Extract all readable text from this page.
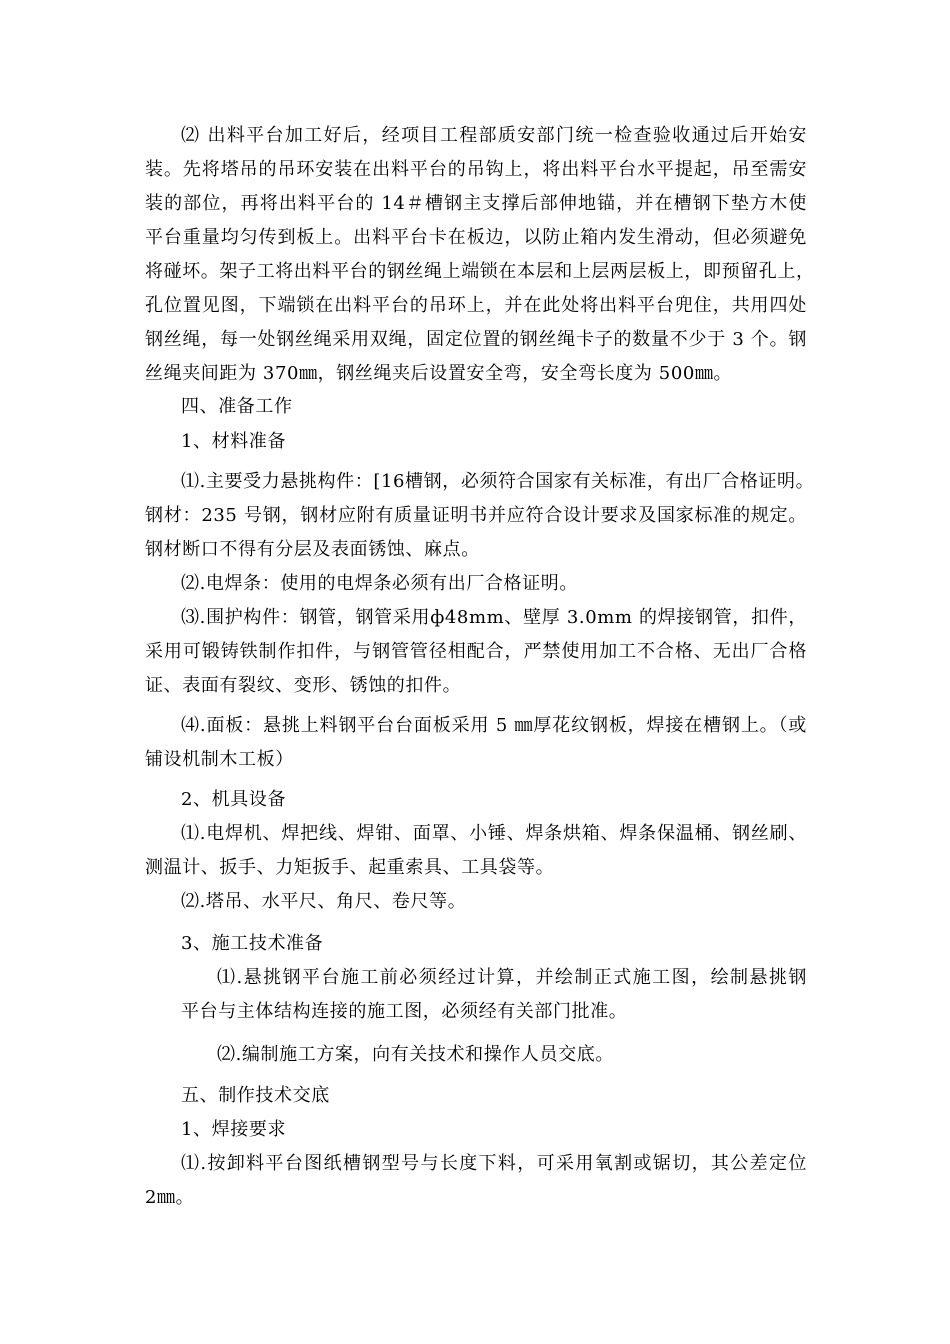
⑵ 出料平台加工好后，经项目工程部质安部门统一检查验收通过后开始安
装。先将塔吊的吊环安装在出料平台的吊钩上，将出料平台水平提起，吊至需安
装的部位，再将出料平台的 14＃槽钢主支撑后部伸地锚，并在槽钢下垫方木使
平台重量均匀传到板上。出料平台卡在板边，以防止箱内发生滑动，但必须避免
将碰坏。架子工将出料平台的钢丝绳上端锁在本层和上层两层板上，即预留孔上，
孔位置见图，下端锁在出料平台的吊环上，并在此处将出料平台兜住，共用四处
钢丝绳，每一处钢丝绳采用双绳，固定位置的钢丝绳卡子的数量不少于 3 个。钢
丝绳夹间距为 370㎜，钢丝绳夹后设置安全弯，安全弯长度为 500㎜。
四、准备工作
1、材料准备
⑴.主要受力悬挑构件：[16槽钢，必须符合国家有关标准，有出厂合格证明。
钢材：235 号钢，钢材应附有质量证明书并应符合设计要求及国家标准的规定。
钢材断口不得有分层及表面锈蚀、麻点。
⑵.电焊条：使用的电焊条必须有出厂合格证明。
⑶.围护构件：钢管，钢管采用ф48mm、壁厚 3.0mm 的焊接钢管，扣件，
采用可锻铸铁制作扣件，与钢管管径相配合，严禁使用加工不合格、无出厂合格
证、表面有裂纹、变形、锈蚀的扣件。
⑷.面板：悬挑上料钢平台台面板采用 5 ㎜厚花纹钢板，焊接在槽钢上。（或
铺设机制木工板）
2、机具设备
⑴.电焊机、焊把线、焊钳、面罩、小锤、焊条烘箱、焊条保温桶、钢丝刷、
测温计、扳手、力矩扳手、起重索具、工具袋等。
⑵.塔吊、水平尺、角尺、卷尺等。
3、施工技术准备
⑴.悬挑钢平台施工前必须经过计算，并绘制正式施工图，绘制悬挑钢
平台与主体结构连接的施工图，必须经有关部门批准。
⑵.编制施工方案，向有关技术和操作人员交底。
五、制作技术交底
1、焊接要求
⑴.按卸料平台图纸槽钢型号与长度下料，可采用氧割或锯切，其公差定位
2㎜。
